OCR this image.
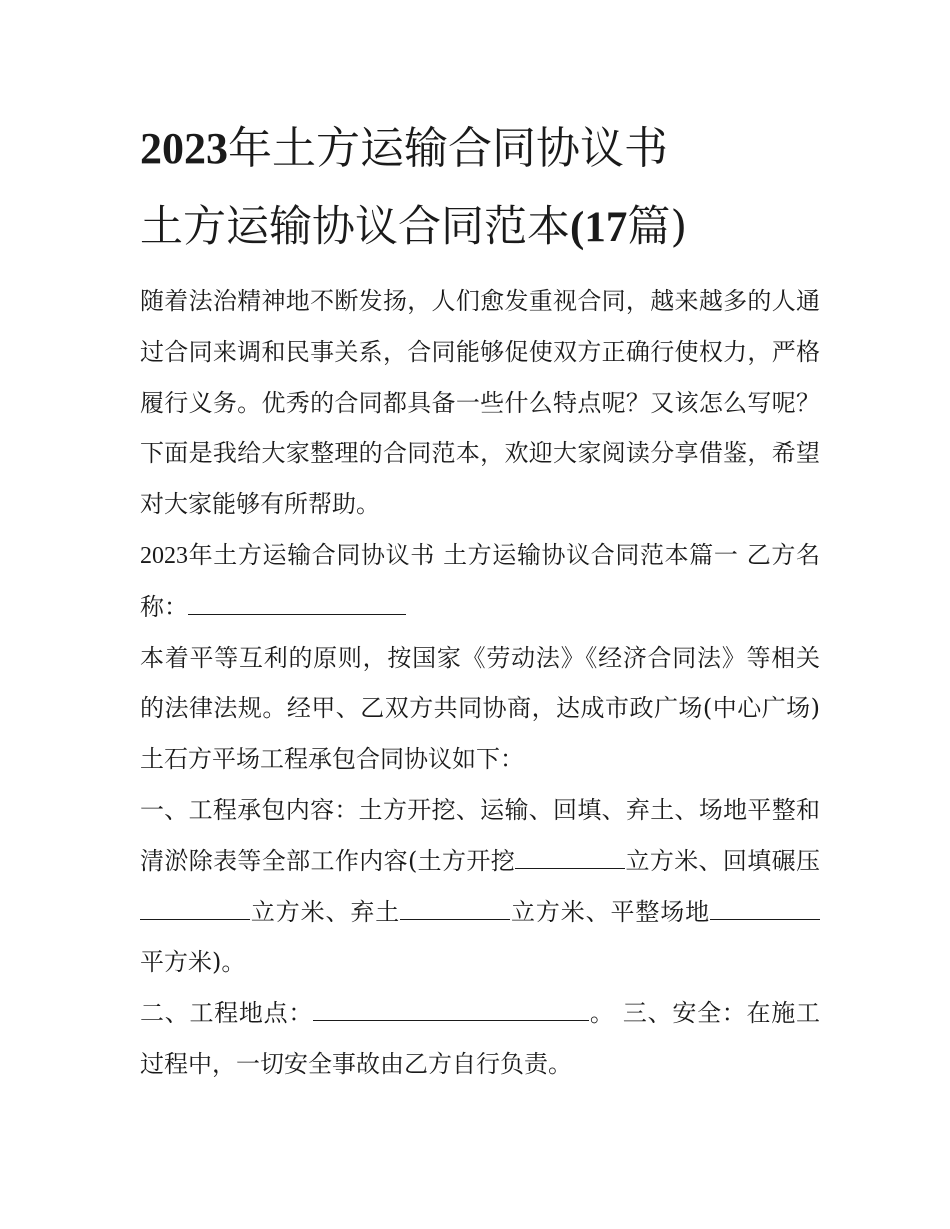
2023年土方运输合同协议书
土方运输协议合同范本(17篇)

随着法治精神地不断发扬，人们愈发重视合同，越来越多的人通过合同来调和民事关系，合同能够促使双方正确行使权力，严格履行义务。优秀的合同都具备一些什么特点呢？又该怎么写呢？下面是我给大家整理的合同范本，欢迎大家阅读分享借鉴，希望对大家能够有所帮助。

2023年土方运输合同协议书 土方运输协议合同范本篇一 乙方名称：

本着平等互利的原则，按国家《劳动法》《经济合同法》等相关的法律法规。经甲、乙双方共同协商，达成市政广场(中心广场)土石方平场工程承包合同协议如下：

一、工程承包内容：土方开挖、运输、回填、弃土、场地平整和清淤除表等全部工作内容(土方开挖	立方米、回填碾压立方米、弃土	立方米、平整场地平方米)。

二、工程地点：	。 三、安全：在施工过程中，一切安全事故由乙方自行负责。
